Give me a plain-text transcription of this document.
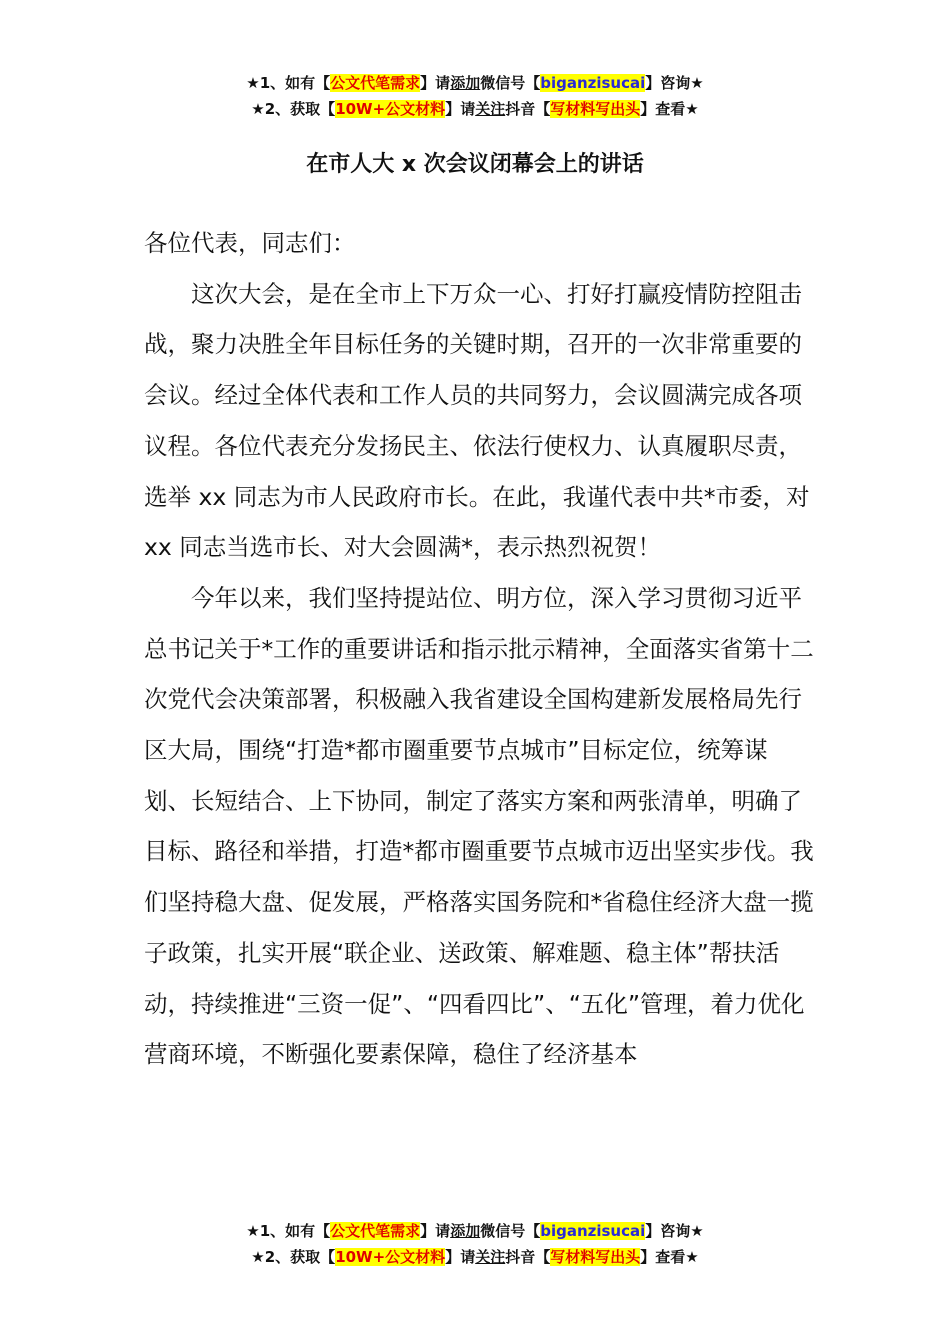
★1、如有【公文代笔需求】请添加微信号【biganzisucai】咨询★
★2、获取【10W+公文材料】请关注抖音【写材料写出头】查看★
在市人大 x 次会议闭幕会上的讲话

各位代表，同志们：

这次大会，是在全市上下万众一心、打好打赢疫情防控阻击战，聚力决胜全年目标任务的关键时期，召开的一次非常重要的会议。经过全体代表和工作人员的共同努力，会议圆满完成各项议程。各位代表充分发扬民主、依法行使权力、认真履职尽责，选举 xx 同志为市人民政府市长。在此，我谨代表中共*市委，对 xx 同志当选市长、对大会圆满*，表示热烈祝贺！

今年以来，我们坚持提站位、明方位，深入学习贯彻习近平总书记关于*工作的重要讲话和指示批示精神，全面落实省第十二次党代会决策部署，积极融入我省建设全国构建新发展格局先行区大局，围绕“打造*都市圈重要节点城市”目标定位，统筹谋划、长短结合、上下协同，制定了落实方案和两张清单，明确了目标、路径和举措，打造*都市圈重要节点城市迈出坚实步伐。我们坚持稳大盘、促发展，严格落实国务院和*省稳住经济大盘一揽子政策，扎实开展“联企业、送政策、解难题、稳主体”帮扶活动，持续推进“三资一促”、“四看四比”、“五化”管理，着力优化营商环境，不断强化要素保障，稳住了经济基本

★1、如有【公文代笔需求】请添加微信号【biganzisucai】咨询★
★2、获取【10W+公文材料】请关注抖音【写材料写出头】查看★
